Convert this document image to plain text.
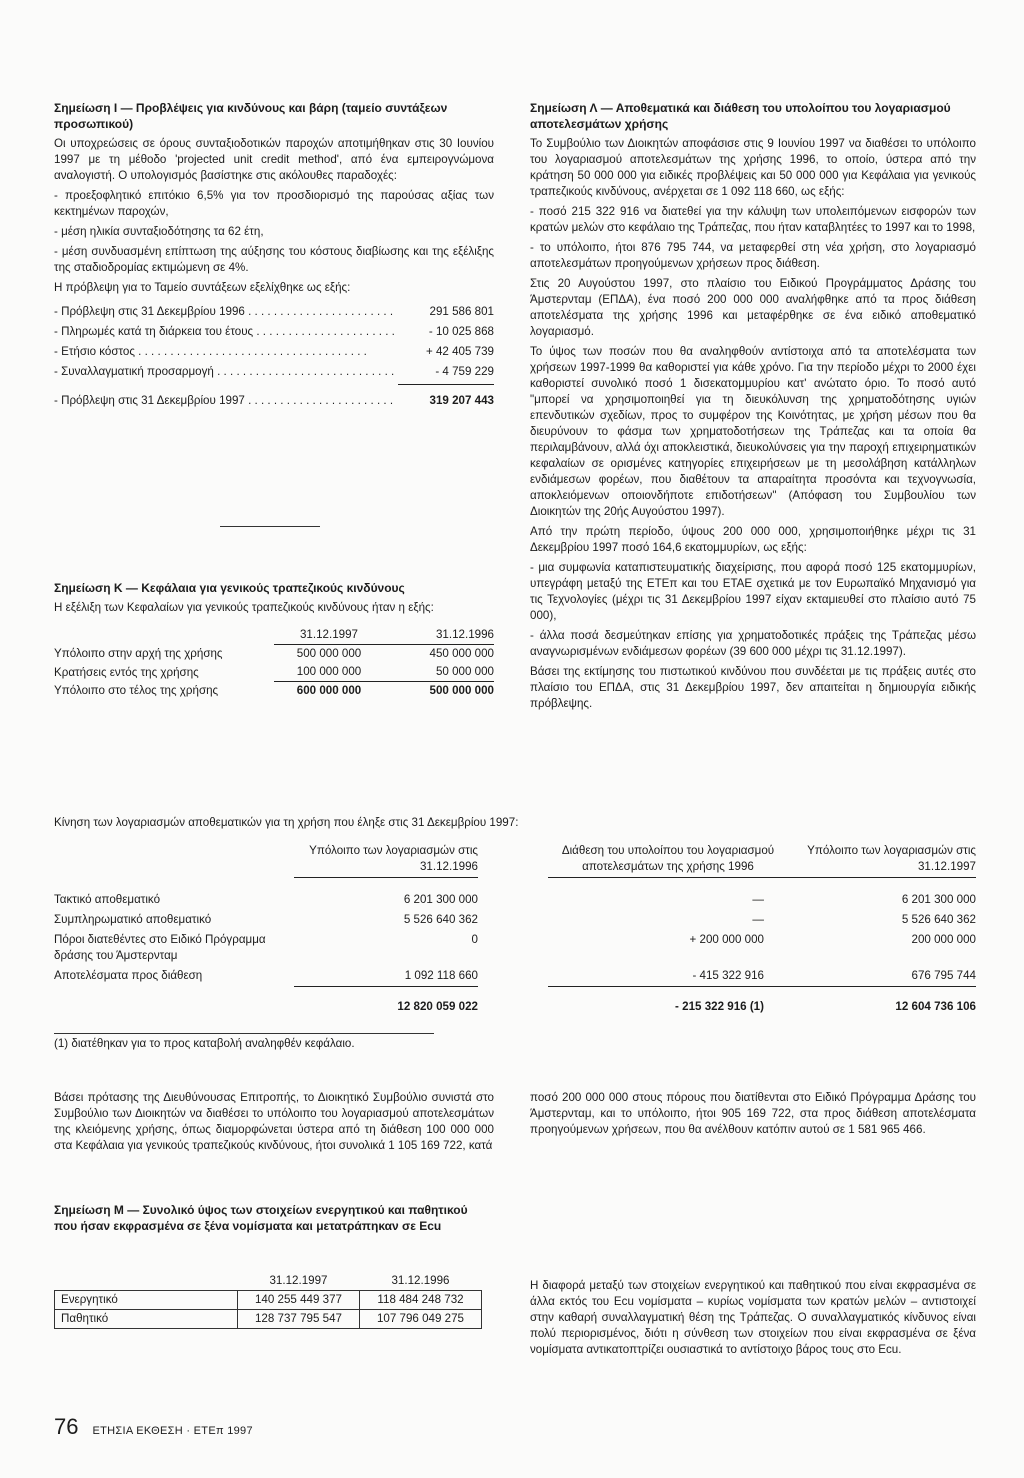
Σημείωση Ι — Προβλέψεις για κινδύνους και βάρη (ταμείο συντάξεων προσωπικού)

Οι υποχρεώσεις σε όρους συνταξιοδοτικών παροχών αποτιμήθηκαν στις 30 Ιουνίου 1997 με τη μέθοδο 'projected unit credit method', από ένα εμπειρογνώμονα αναλογιστή. Ο υπολογισμός βασίστηκε στις ακόλουθες παραδοχές:

- προεξοφλητικό επιτόκιο 6,5% για τον προσδιορισμό της παρούσας αξίας των κεκτημένων παροχών,

- μέση ηλικία συνταξιοδότησης τα 62 έτη,

- μέση συνδυασμένη επίπτωση της αύξησης του κόστους διαβίωσης και της εξέλιξης της σταδιοδρομίας εκτιμώμενη σε 4%.

Η πρόβλεψη για το Ταμείο συντάξεων εξελίχθηκε ως εξής:

- Πρόβλεψη στις 31 Δεκεμβρίου 1996 . . .	291 586 801
- Πληρωμές κατά τη διάρκεια του έτους . . .	- 10 025 868
- Ετήσιο κόστος . . .	+ 42 405 739
- Συναλλαγματική προσαρμογή . . .	- 4 759 229
- Πρόβλεψη στις 31 Δεκεμβρίου 1997 . . .	319 207 443
Σημείωση Κ — Κεφάλαια για γενικούς τραπεζικούς κινδύνους

Η εξέλιξη των Κεφαλαίων για γενικούς τραπεζικούς κινδύνους ήταν η εξής:

	31.12.1997	31.12.1996
Υπόλοιπο στην αρχή της χρήσης	500 000 000	450 000 000
Κρατήσεις εντός της χρήσης	100 000 000	50 000 000
Υπόλοιπο στο τέλος της χρήσης	600 000 000	500 000 000
Σημείωση Λ — Αποθεματικά και διάθεση του υπολοίπου του λογαριασμού αποτελεσμάτων χρήσης

Το Συμβούλιο των Διοικητών αποφάσισε στις 9 Ιουνίου 1997 να διαθέσει το υπόλοιπο του λογαριασμού αποτελεσμάτων της χρήσης 1996, το οποίο, ύστερα από την κράτηση 50 000 000 για ειδικές προβλέψεις και 50 000 000 για Κεφάλαια για γενικούς τραπεζικούς κινδύνους, ανέρχεται σε 1 092 118 660, ως εξής:

- ποσό 215 322 916 να διατεθεί για την κάλυψη των υπολειπόμενων εισφορών των κρατών μελών στο κεφάλαιο της Τράπεζας, που ήταν καταβλητέες το 1997 και το 1998,

- το υπόλοιπο, ήτοι 876 795 744, να μεταφερθεί στη νέα χρήση, στο λογαριασμό αποτελεσμάτων προηγούμενων χρήσεων προς διάθεση.

Στις 20 Αυγούστου 1997, στο πλαίσιο του Ειδικού Προγράμματος Δράσης του Άμστερνταμ (ΕΠΔΑ), ένα ποσό 200 000 000 αναλήφθηκε από τα προς διάθεση αποτελέσματα της χρήσης 1996 και μεταφέρθηκε σε ένα ειδικό αποθεματικό λογαριασμό.

Το ύψος των ποσών που θα αναληφθούν αντίστοιχα από τα αποτελέσματα των χρήσεων 1997-1999 θα καθοριστεί για κάθε χρόνο. Για την περίοδο μέχρι το 2000 έχει καθοριστεί συνολικό ποσό 1 δισεκατομμυρίου κατ' ανώτατο όριο. Το ποσό αυτό "μπορεί να χρησιμοποιηθεί για τη διευκόλυνση της χρηματοδότησης υγιών επενδυτικών σχεδίων, προς το συμφέρον της Κοινότητας, με χρήση μέσων που θα διευρύνουν το φάσμα των χρηματοδοτήσεων της Τράπεζας και τα οποία θα περιλαμβάνουν, αλλά όχι αποκλειστικά, διευκολύνσεις για την παροχή επιχειρηματικών κεφαλαίων σε ορισμένες κατηγορίες επιχειρήσεων με τη μεσολάβηση κατάλληλων ενδιάμεσων φορέων, που διαθέτουν τα απαραίτητα προσόντα και τεχνογνωσία, αποκλειόμενων οποιονδήποτε επιδοτήσεων" (Απόφαση του Συμβουλίου των Διοικητών της 20ής Αυγούστου 1997).

Από την πρώτη περίοδο, ύψους 200 000 000, χρησιμοποιήθηκε μέχρι τις 31 Δεκεμβρίου 1997 ποσό 164,6 εκατομμυρίων, ως εξής:

- μια συμφωνία καταπιστευματικής διαχείρισης, που αφορά ποσό 125 εκατομμυρίων, υπεγράφη μεταξύ της ΕΤΕπ και του ΕΤΑΕ σχετικά με τον Ευρωπαϊκό Μηχανισμό για τις Τεχνολογίες (μέχρι τις 31 Δεκεμβρίου 1997 είχαν εκταμιευθεί στο πλαίσιο αυτό 75 000),

- άλλα ποσά δεσμεύτηκαν επίσης για χρηματοδοτικές πράξεις της Τράπεζας μέσω αναγνωρισμένων ενδιάμεσων φορέων (39 600 000 μέχρι τις 31.12.1997).

Βάσει της εκτίμησης του πιστωτικού κινδύνου που συνδέεται με τις πράξεις αυτές στο πλαίσιο του ΕΠΔΑ, στις 31 Δεκεμβρίου 1997, δεν απαιτείται η δημιουργία ειδικής πρόβλεψης.

Κίνηση των λογαριασμών αποθεματικών για τη χρήση που έληξε στις 31 Δεκεμβρίου 1997:

	Υπόλοιπο των λογαριασμών στις 31.12.1996		Διάθεση του υπολοίπου του λογαριασμού αποτελεσμάτων της χρήσης 1996	Υπόλοιπο των λογαριασμών στις 31.12.1997

Τακτικό αποθεματικό	6 201 300 000		—	6 201 300 000
Συμπληρωματικό αποθεματικό	5 526 640 362		—	5 526 640 362
Πόροι διατεθέντες στο Ειδικό Πρόγραμμα δράσης του Άμστερνταμ	0		+ 200 000 000	200 000 000
Αποτελέσματα προς διάθεση	1 092 118 660		- 415 322 916	676 795 744

	12 820 059 022		- 215 322 916 (1)	12 604 736 106

(1) διατέθηκαν για το προς καταβολή αναληφθέν κεφάλαιο.

Βάσει πρότασης της Διευθύνουσας Επιτροπής, το Διοικητικό Συμβούλιο συνιστά στο Συμβούλιο των Διοικητών να διαθέσει το υπόλοιπο του λογαριασμού αποτελεσμάτων της κλειόμενης χρήσης, όπως διαμορφώνεται ύστερα από τη διάθεση 100 000 000 στα Κεφάλαια για γενικούς τραπεζικούς κινδύνους, ήτοι συνολικά 1 105 169 722, κατά

ποσό 200 000 000 στους πόρους που διατίθενται στο Ειδικό Πρόγραμμα Δράσης του Άμστερνταμ, και το υπόλοιπο, ήτοι 905 169 722, στα προς διάθεση αποτελέσματα προηγούμενων χρήσεων, που θα ανέλθουν κατόπιν αυτού σε 1 581 965 466.

Σημείωση Μ — Συνολικό ύψος των στοιχείων ενεργητικού και παθητικού που ήσαν εκφρασμένα σε ξένα νομίσματα και μετατράπηκαν σε Ecu
	31.12.1997	31.12.1996
Ενεργητικό	140 255 449 377	118 484 248 732
Παθητικό	128 737 795 547	107 796 049 275

Η διαφορά μεταξύ των στοιχείων ενεργητικού και παθητικού που είναι εκφρασμένα σε άλλα εκτός του Ecu νομίσματα – κυρίως νομίσματα των κρατών μελών – αντιστοιχεί στην καθαρή συναλλαγματική θέση της Τράπεζας. Ο συναλλαγματικός κίνδυνος είναι πολύ περιορισμένος, διότι η σύνθεση των στοιχείων που είναι εκφρασμένα σε ξένα νομίσματα αντικατοπτρίζει ουσιαστικά το αντίστοιχο βάρος τους στο Ecu.

76 ΕΤΗΣΙΑ ΕΚΘΕΣΗ · ΕΤΕπ 1997
